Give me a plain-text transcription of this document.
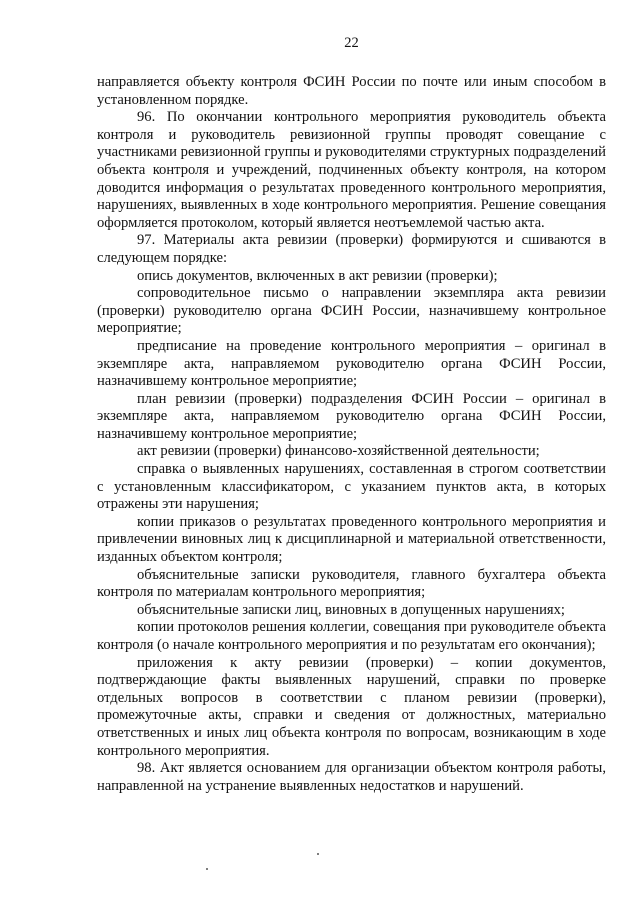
22

направляется объекту контроля ФСИН России по почте или иным способом в установленном порядке.

96. По окончании контрольного мероприятия руководитель объекта контроля и руководитель ревизионной группы проводят совещание с участниками ревизионной группы и руководителями структурных подразделений объекта контроля и учреждений, подчиненных объекту контроля, на котором доводится информация о результатах проведенного контрольного мероприятия, нарушениях, выявленных в ходе контрольного мероприятия. Решение совещания оформляется протоколом, который является неотъемлемой частью акта.

97. Материалы акта ревизии (проверки) формируются и сшиваются в следующем порядке:

опись документов, включенных в акт ревизии (проверки);

сопроводительное письмо о направлении экземпляра акта ревизии (проверки) руководителю органа ФСИН России, назначившему контрольное мероприятие;

предписание на проведение контрольного мероприятия – оригинал в экземпляре акта, направляемом руководителю органа ФСИН России, назначившему контрольное мероприятие;

план ревизии (проверки) подразделения ФСИН России – оригинал в экземпляре акта, направляемом руководителю органа ФСИН России, назначившему контрольное мероприятие;

акт ревизии (проверки) финансово-хозяйственной деятельности;

справка о выявленных нарушениях, составленная в строгом соответствии с установленным классификатором, с указанием пунктов акта, в которых отражены эти нарушения;

копии приказов о результатах проведенного контрольного мероприятия и привлечении виновных лиц к дисциплинарной и материальной ответственности, изданных объектом контроля;

объяснительные записки руководителя, главного бухгалтера объекта контроля по материалам контрольного мероприятия;

объяснительные записки лиц, виновных в допущенных нарушениях;

копии протоколов решения коллегии, совещания при руководителе объекта контроля (о начале контрольного мероприятия и по результатам его окончания);

приложения к акту ревизии (проверки) – копии документов, подтверждающие факты выявленных нарушений, справки по проверке отдельных вопросов в соответствии с планом ревизии (проверки), промежуточные акты, справки и сведения от должностных, материально ответственных и иных лиц объекта контроля по вопросам, возникающим в ходе контрольного мероприятия.

98. Акт является основанием для организации объектом контроля работы, направленной на устранение выявленных недостатков и нарушений.
